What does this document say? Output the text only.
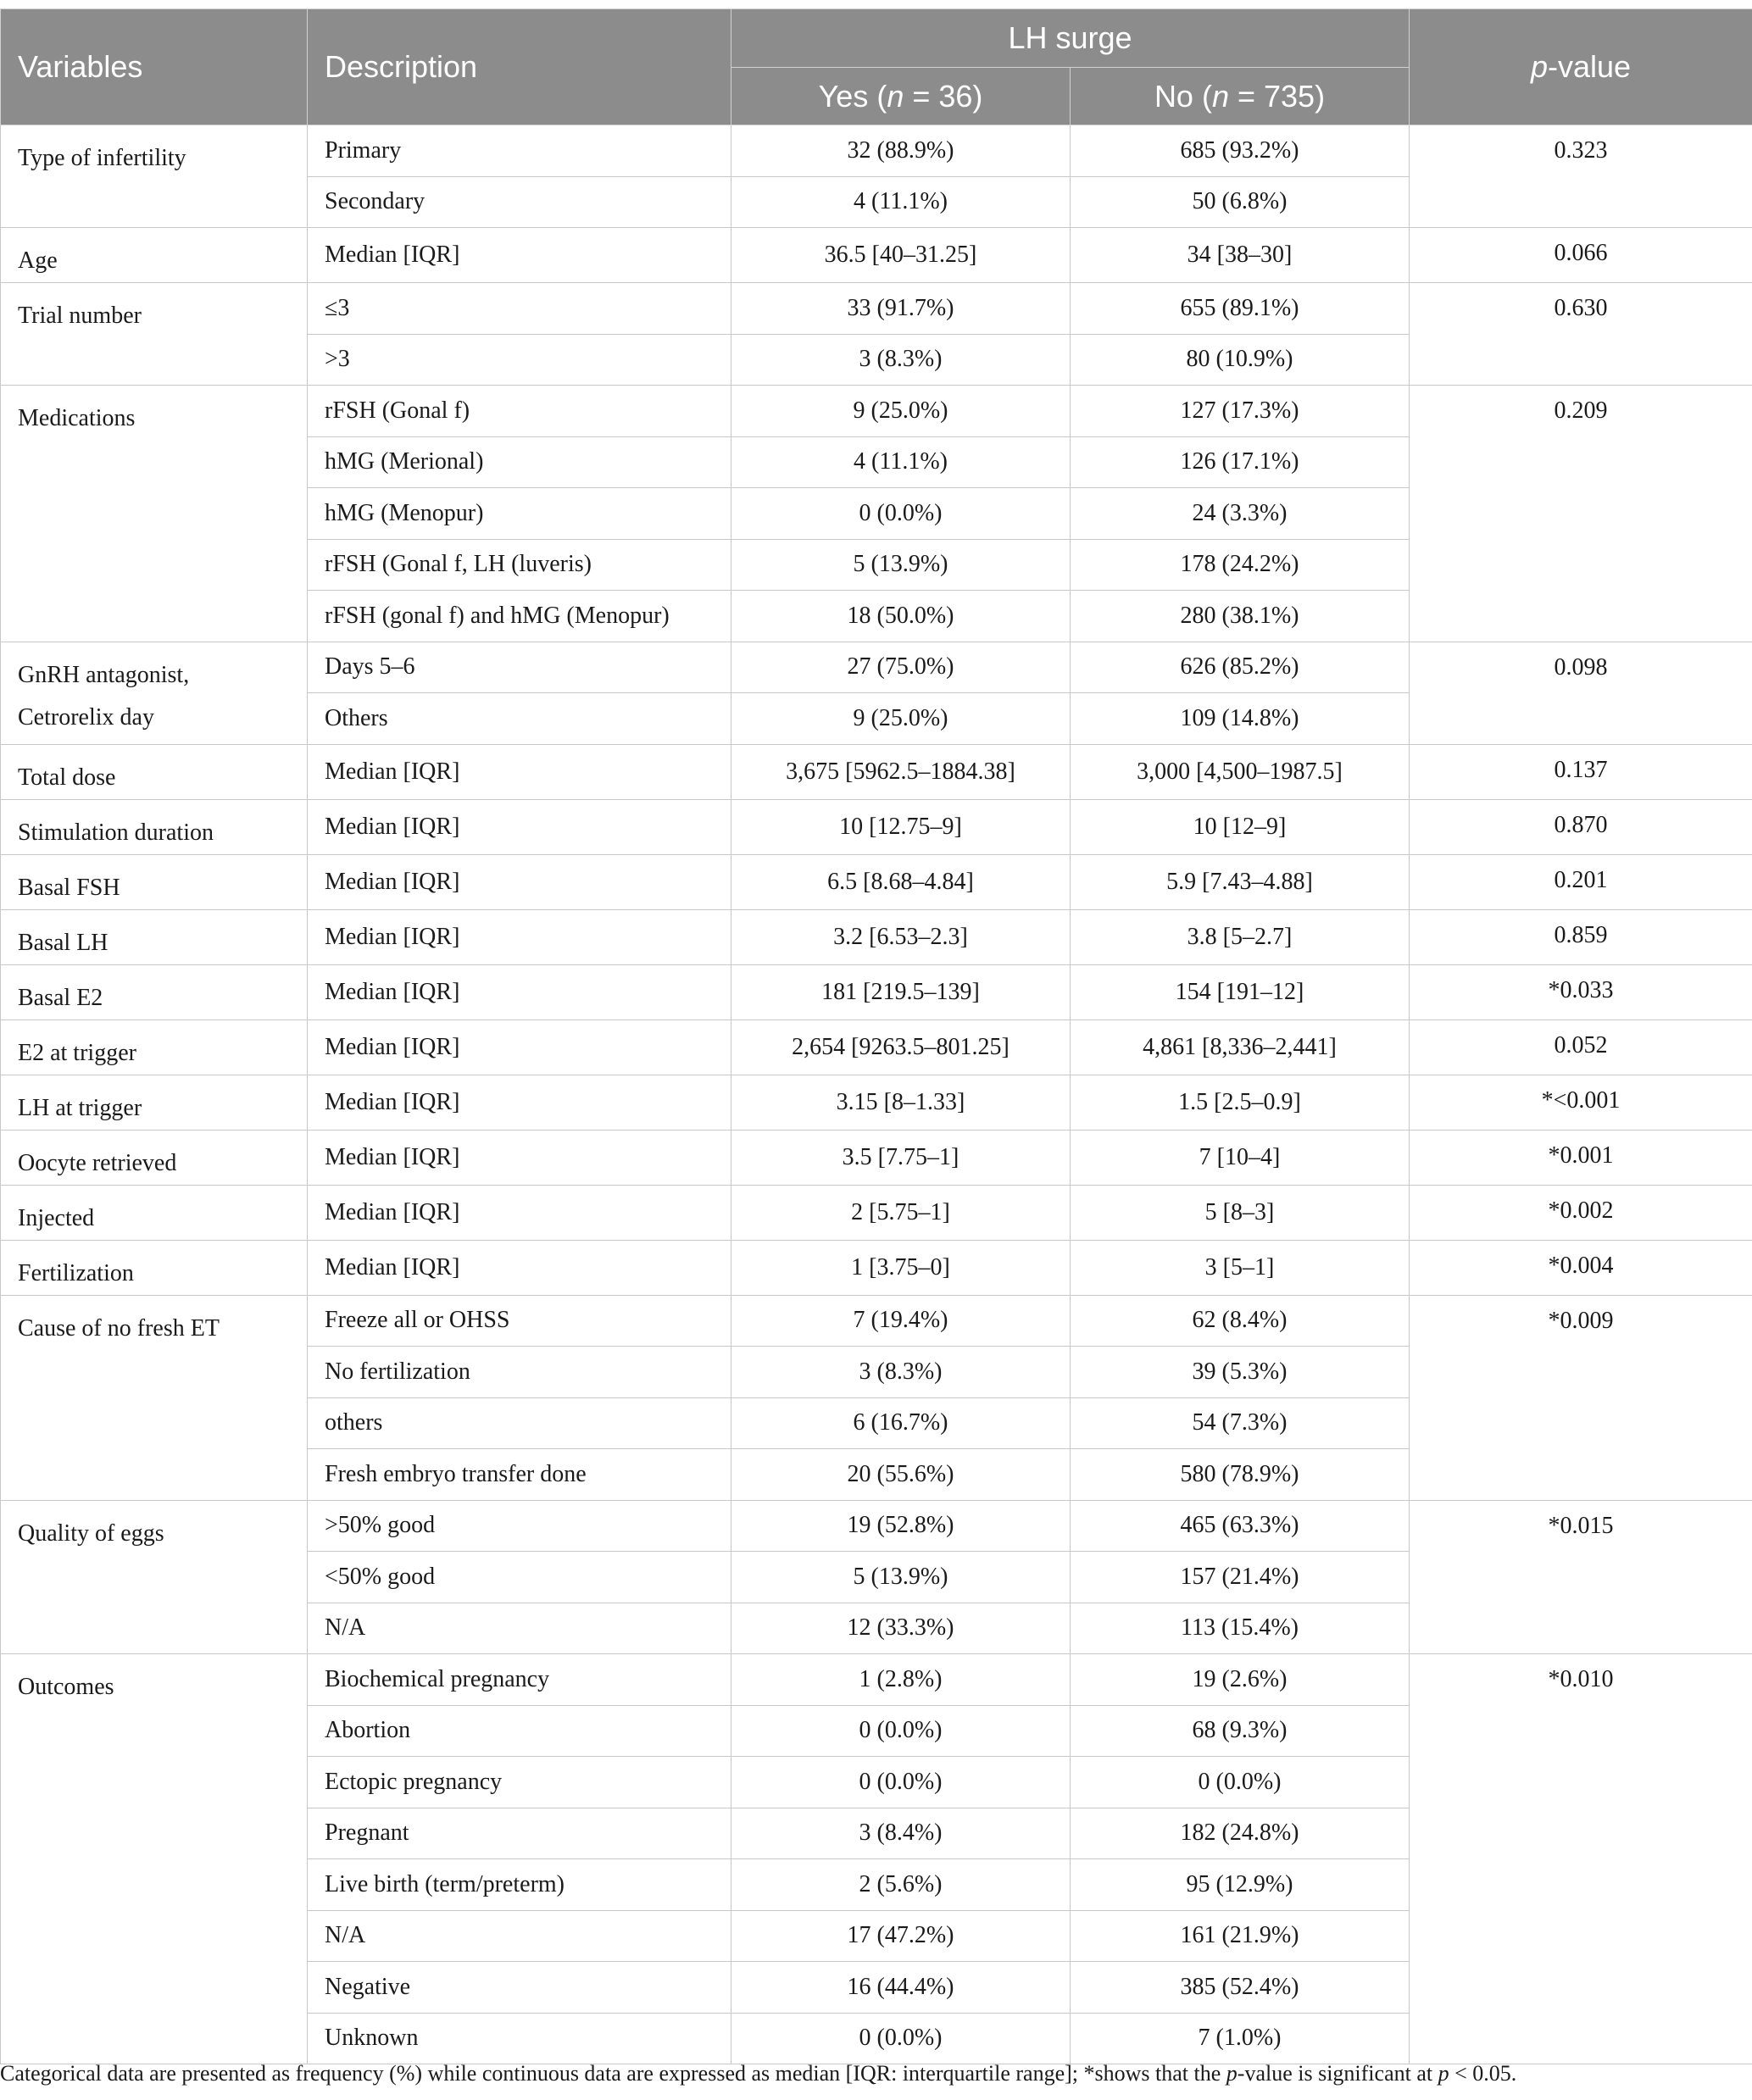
Variables	Description	LH surge		p-value
		Yes (n = 36)	No (n = 735)	
Type of infertility	Primary	32 (88.9%)	685 (93.2%)	0.323
	Secondary	4 (11.1%)	50 (6.8%)	
Age	Median [IQR]	36.5 [40–31.25]	34 [38–30]	0.066
Trial number	≤3	33 (91.7%)	655 (89.1%)	0.630
	>3	3 (8.3%)	80 (10.9%)	
Medications	rFSH (Gonal f)	9 (25.0%)	127 (17.3%)	0.209
	hMG (Merional)	4 (11.1%)	126 (17.1%)	
	hMG (Menopur)	0 (0.0%)	24 (3.3%)	
	rFSH (Gonal f, LH (luveris)	5 (13.9%)	178 (24.2%)	
	rFSH (gonal f) and hMG (Menopur)	18 (50.0%)	280 (38.1%)	
GnRH antagonist, Cetrorelix day	Days 5–6	27 (75.0%)	626 (85.2%)	0.098
	Others	9 (25.0%)	109 (14.8%)	
Total dose	Median [IQR]	3,675 [5962.5–1884.38]	3,000 [4,500–1987.5]	0.137
Stimulation duration	Median [IQR]	10 [12.75–9]	10 [12–9]	0.870
Basal FSH	Median [IQR]	6.5 [8.68–4.84]	5.9 [7.43–4.88]	0.201
Basal LH	Median [IQR]	3.2 [6.53–2.3]	3.8 [5–2.7]	0.859
Basal E2	Median [IQR]	181 [219.5–139]	154 [191–12]	*0.033
E2 at trigger	Median [IQR]	2,654 [9263.5–801.25]	4,861 [8,336–2,441]	0.052
LH at trigger	Median [IQR]	3.15 [8–1.33]	1.5 [2.5–0.9]	*<0.001
Oocyte retrieved	Median [IQR]	3.5 [7.75–1]	7 [10–4]	*0.001
Injected	Median [IQR]	2 [5.75–1]	5 [8–3]	*0.002
Fertilization	Median [IQR]	1 [3.75–0]	3 [5–1]	*0.004
Cause of no fresh ET	Freeze all or OHSS	7 (19.4%)	62 (8.4%)	*0.009
	No fertilization	3 (8.3%)	39 (5.3%)	
	others	6 (16.7%)	54 (7.3%)	
	Fresh embryo transfer done	20 (55.6%)	580 (78.9%)	
Quality of eggs	>50% good	19 (52.8%)	465 (63.3%)	*0.015
	<50% good	5 (13.9%)	157 (21.4%)	
	N/A	12 (33.3%)	113 (15.4%)	
Outcomes	Biochemical pregnancy	1 (2.8%)	19 (2.6%)	*0.010
	Abortion	0 (0.0%)	68 (9.3%)	
	Ectopic pregnancy	0 (0.0%)	0 (0.0%)	
	Pregnant	3 (8.4%)	182 (24.8%)	
	Live birth (term/preterm)	2 (5.6%)	95 (12.9%)	
	N/A	17 (47.2%)	161 (21.9%)	
	Negative	16 (44.4%)	385 (52.4%)	
	Unknown	0 (0.0%)	7 (1.0%)	
Categorical data are presented as frequency (%) while continuous data are expressed as median [IQR: interquartile range]; *shows that the p-value is significant at p < 0.05.
